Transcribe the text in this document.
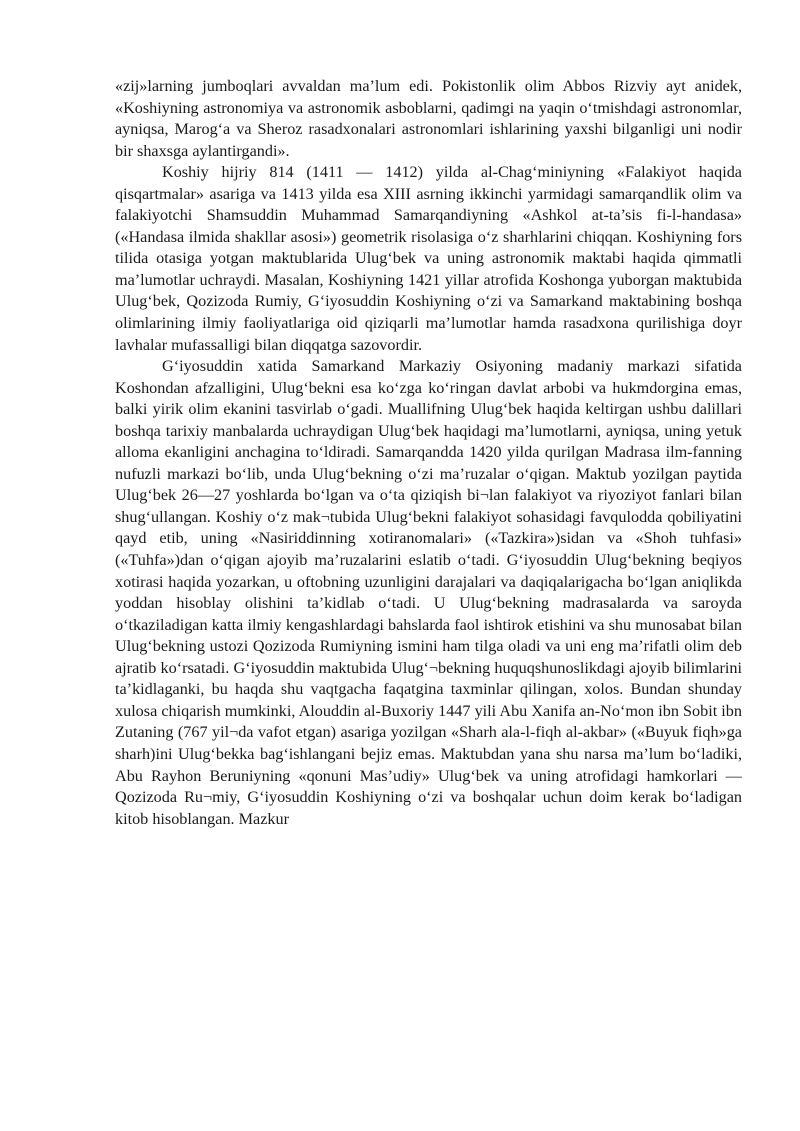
«zij»larning jumboqlari avvaldan ma’lum edi. Pokistonlik olim Abbos Rizviy ayt anidek, «Koshiyning astronomiya va astronomik asboblarni, qadimgi na yaqin o‘tmishdagi astronomlar, ayniqsa, Marog‘a va Sheroz rasadxonalari astronomlari ishlarining yaxshi bilganligi uni nodir bir shaxsga aylantirgandi».

Koshiy hijriy 814 (1411 — 1412) yilda al-Chag‘miniyning «Falakiyot haqida qisqartmalar» asariga va 1413 yilda esa XIII asrning ikkinchi yarmidagi samarqandlik olim va falakiyotchi Shamsuddin Muhammad Samarqandiyning «Ashkol at-ta’sis fi-l-handasa» («Handasa ilmida shakllar asosi») geometrik risolasiga o‘z sharhlarini chiqqan. Koshiyning fors tilida otasiga yotgan maktublarida Ulug‘bek va uning astronomik maktabi haqida qimmatli ma’lumotlar uchraydi. Masalan, Koshiyning 1421 yillar atrofida Koshonga yuborgan maktubida Ulug‘bek, Qozizoda Rumiy, G‘iyosuddin Koshiyning o‘zi va Samarkand maktabining boshqa olimlarining ilmiy faoliyatlariga oid qiziqarli ma’lumotlar hamda rasadxona qurilishiga doyr lavhalar mufassalligi bilan diqqatga sazovordir.

G‘iyosuddin xatida Samarkand Markaziy Osiyoning madaniy markazi sifatida Koshondan afzalligini, Ulug‘bekni esa ko‘zga ko‘ringan davlat arbobi va hukmdorgina emas, balki yirik olim ekanini tasvirlab o‘gadi. Muallifning Ulug‘bek haqida keltirgan ushbu dalillari boshqa tarixiy manbalarda uchraydigan Ulug‘bek haqidagi ma’lumotlarni, ayniqsa, uning yetuk alloma ekanligini anchagina to‘ldiradi. Samarqandda 1420 yilda qurilgan Madrasa ilm-fanning nufuzli markazi bo‘lib, unda Ulug‘bekning o‘zi ma’ruzalar o‘qigan. Maktub yozilgan paytida Ulug‘bek 26—27 yoshlarda bo‘lgan va o‘ta qiziqish bi¬lan falakiyot va riyoziyot fanlari bilan shug‘ullangan. Koshiy o‘z mak¬tubida Ulug‘bekni falakiyot sohasidagi favqulodda qobiliyatini qayd etib, uning «Nasiriddinning xotiranomalari» («Tazkira»)sidan va «Shoh tuhfasi» («Tuhfa»)dan o‘qigan ajoyib ma’ruzalarini eslatib o‘tadi. G‘iyosuddin Ulug‘bekning beqiyos xotirasi haqida yozarkan, u oftobning uzunligini darajalari va daqiqalarigacha bo‘lgan aniqlikda yoddan hisoblay olishini ta’kidlab o‘tadi. U Ulug‘bekning madrasalarda va saroyda o‘tkaziladigan katta ilmiy kengashlardagi bahslarda faol ishtirok etishini va shu munosabat bilan Ulug‘bekning ustozi Qozizoda Rumiyning ismini ham tilga oladi va uni eng ma’rifatli olim deb ajratib ko‘rsatadi. G‘iyosuddin maktubida Ulug‘¬bekning huquqshunoslikdagi ajoyib bilimlarini ta’kidlaganki, bu haqda shu vaqtgacha faqatgina taxminlar qilingan, xolos. Bundan shunday xulosa chiqarish mumkinki, Alouddin al-Buxoriy 1447 yili Abu Xanifa an-No‘mon ibn Sobit ibn Zutaning (767 yil¬da vafot etgan) asariga yozilgan «Sharh ala-l-fiqh al-akbar» («Buyuk fiqh»ga sharh)ini Ulug‘bekka bag‘ishlangani bejiz emas. Maktubdan yana shu narsa ma’lum bo‘ladiki, Abu Rayhon Beruniyning «qonuni Mas’udiy» Ulug‘bek va uning atrofidagi hamkorlari — Qozizoda Ru¬miy, G‘iyosuddin Koshiyning o‘zi va boshqalar uchun doim kerak bo‘ladigan kitob hisoblangan. Mazkur
